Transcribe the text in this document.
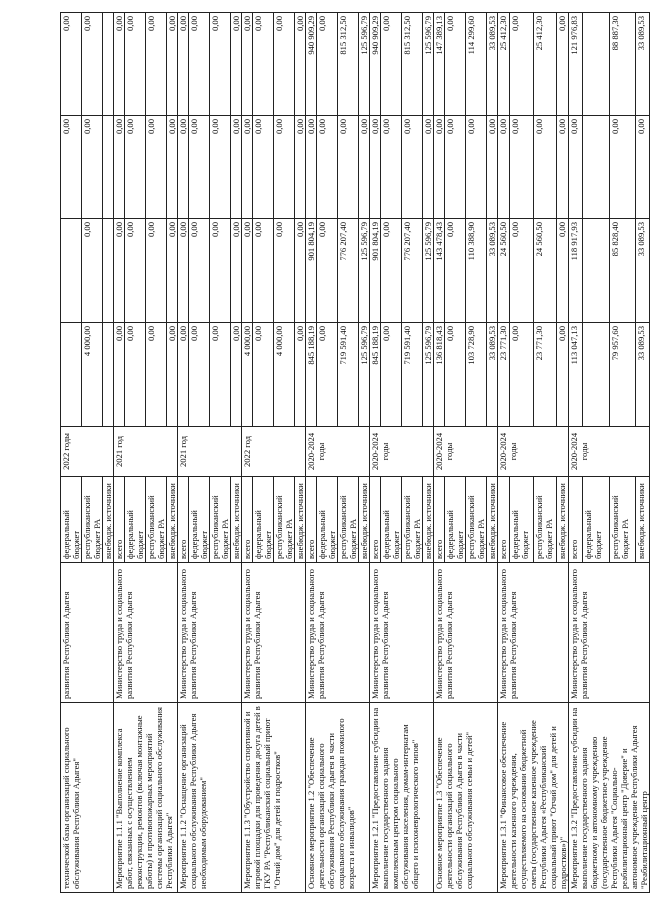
технической базы организаций социального обслуживания Республики Адыгея"	развития Республики Адыгея	федеральный бюджет	2022 годы			0,00	0,00
		республиканский бюджет РА		4 000,00	0,00	0,00	0,00
		внебюдж. источники					
Мероприятие 1.1.1 "Выполнение комплекса работ, связанных с осуществлением реконструкции, ремонтов (включая монтажные работы) и противопожарных мероприятий системы организаций социального обслуживания Республики Адыгея"	Министерство труда и социального развития Республики Адыгея	всего	2021 год	0,00	0,00	0,00	0,00
		федеральный бюджет		0,00	0,00	0,00	0,00
		республиканский бюджет РА		0,00	0,00	0,00	0,00
		внебюдж. источники		0,00	0,00	0,00	0,00
Мероприятие 1.1.2 "Оснащение организаций социального обслуживания Республики Адыгея необходимым оборудованием"	Министерство труда и социального развития Республики Адыгея	всего	2021 год	0,00	0,00	0,00	0,00
		федеральный бюджет		0,00	0,00	0,00	0,00
		республиканский бюджет РА		0,00	0,00	0,00	0,00
		внебюдж. источники		0,00	0,00	0,00	0,00
Мероприятие 1.1.3 "Обустройство спортивной и игровой площадки для проведения досуга детей в ГКУ РА "Республиканский социальный приют "Отчий дом" для детей и подростков"	Министерство труда и социального развития Республики Адыгея	всего	2022 год	4 000,00	0,00	0,00	0,00
		федеральный бюджет		0,00	0,00	0,00	0,00
		республиканский бюджет РА		4 000,00	0,00	0,00	0,00
		внебюдж. источники		0,00	0,00	0,00	0,00
Основное мероприятие 1.2 "Обеспечение деятельности организаций социального обслуживания Республики Адыгея в части социального обслуживания граждан пожилого возраста и инвалидов"	Министерство труда и социального развития Республики Адыгея	всего	2020-2024 годы	845 188,19	901 804,19	0,00	940 909,29
		федеральный бюджет		0,00	0,00	0,00	0,00
		республиканский бюджет РА		719 591,40	776 207,40	0,00	815 312,50
		внебюдж. источники		125 596,79	125 596,79	0,00	125 596,79
Мероприятие 1.2.1 "Предоставление субсидии на выполнение государственного задания комплексным центром социального обслуживания населения, домам-интернатам общего и психоневрологического типов"	Министерство труда и социального развития Республики Адыгея	всего	2020-2024 годы	845 188,19	901 804,19	0,00	940 909,29
		федеральный бюджет		0,00	0,00	0,00	0,00
		республиканский бюджет РА		719 591,40	776 207,40	0,00	815 312,50
		внебюдж. источники		125 596,79	125 596,79	0,00	125 596,79
Основное мероприятие 1.3 "Обеспечение деятельности организаций социального обслуживания Республики Адыгея в части социального обслуживания семьи и детей"	Министерство труда и социального развития Республики Адыгея	всего	2020-2024 годы	136 818,43	143 478,43	0,00	147 389,13
		федеральный бюджет		0,00	0,00	0,00	0,00
		республиканский бюджет РА		103 728,90	110 388,90	0,00	114 299,60
		внебюдж. источники		33 089,53	33 089,53	0,00	33 089,53
Мероприятие 1.3.1 "Финансовое обеспечение деятельности казенного учреждения, осуществляемого на основании бюджетной сметы (государственное казенное учреждение Республики Адыгея «Республиканский социальный приют "Отчий дом" для детей и подростков»)"	Министерство труда и социального развития Республики Адыгея	всего	2020-2024 годы	23 771,30	24 560,50	0,00	25 412,30
		федеральный бюджет		0,00	0,00	0,00	0,00
		республиканский бюджет РА		23 771,30	24 560,50	0,00	25 412,30
		внебюдж. источники		0,00	0,00	0,00	0,00
Мероприятие 1.3.2 "Предоставление субсидии на выполнение государственного задания бюджетному и автономному учреждению (государственное бюджетное учреждение Республики Адыгея "Социально-реабилитационный центр "Доверие" и автономное учреждение Республики Адыгея "Реабилитационный центр	Министерство труда и социального развития Республики Адыгея	всего	2020-2024 годы	113 047,13	118 917,93	0,00	121 976,83
		федеральный бюджет					
		республиканский бюджет РА		79 957,60	85 828,40	0,00	88 887,30
		внебюдж. источники		33 089,53	33 089,53	0,00	33 089,53
